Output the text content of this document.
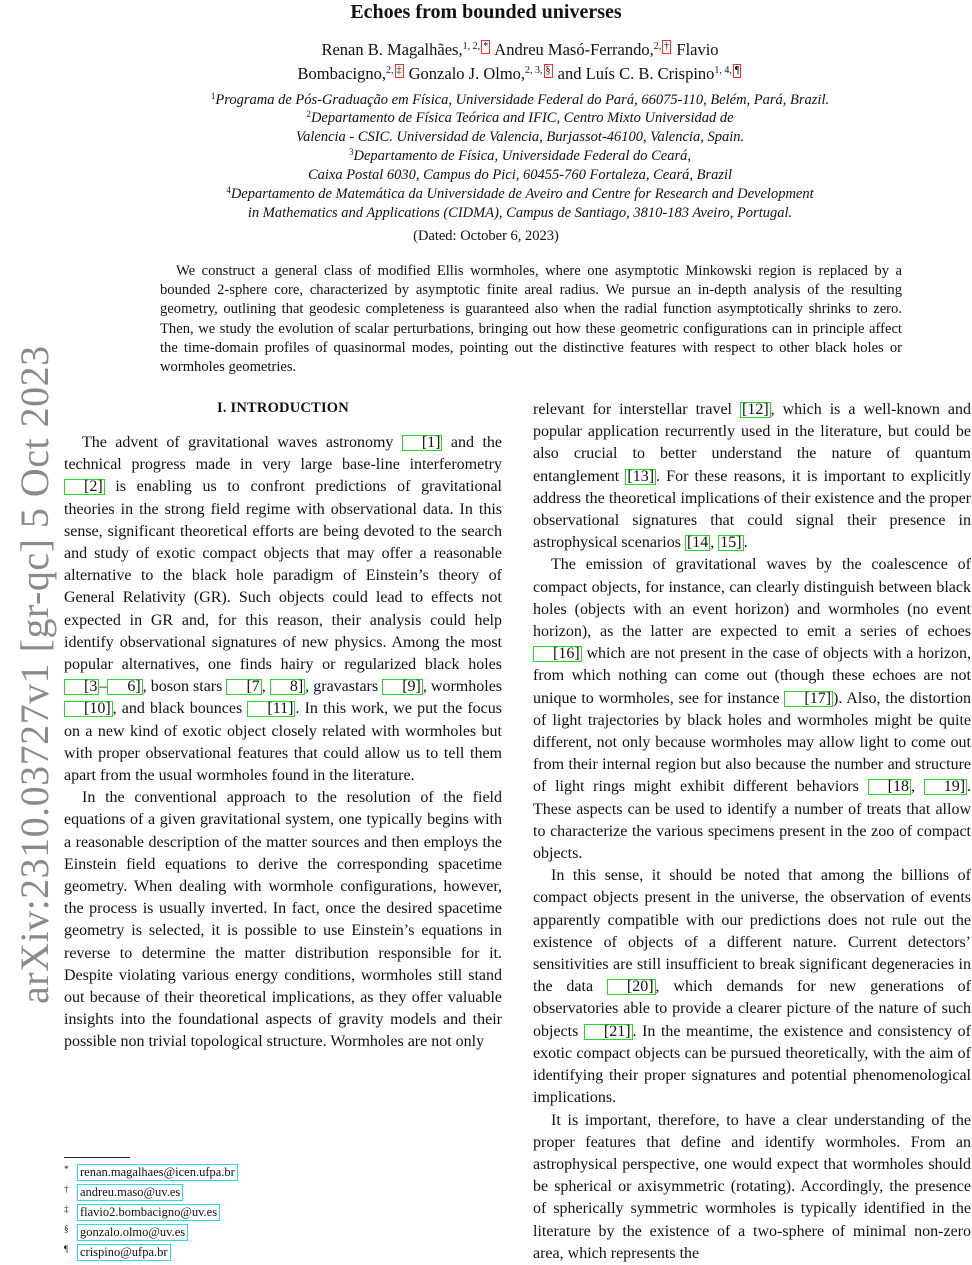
arXiv:2310.03727v1 [gr-qc] 5 Oct 2023
Echoes from bounded universes
Renan B. Magalhães,$^{1, 2,}$ * Andreu Masó-Ferrando,$^{2,}$ † Flavio
Bombacigno,$^{2,}$ ‡ Gonzalo J. Olmo,$^{2, 3,}$ § and Luís C. B. Crispino$^{1, 4,}$ ¶
$^1$Programa de Pós-Graduação em Física, Universidade Federal do Pará, 66075-110, Belém, Pará, Brazil.
$^2$Departamento de Física Teórica and IFIC, Centro Mixto Universidad de
Valencia - CSIC. Universidad de Valencia, Burjassot-46100, Valencia, Spain.
$^3$Departamento de Física, Universidade Federal do Ceará,
Caixa Postal 6030, Campus do Pici, 60455-760 Fortaleza, Ceará, Brazil
$^4$Departamento de Matemática da Universidade de Aveiro and Centre for Research and Development
in Mathematics and Applications (CIDMA), Campus de Santiago, 3810-183 Aveiro, Portugal.
(Dated: October 6, 2023)
We construct a general class of modified Ellis wormholes, where one asymptotic Minkowski region is replaced by a bounded 2-sphere core, characterized by asymptotic finite areal radius. We pursue an in-depth analysis of the resulting geometry, outlining that geodesic completeness is guaranteed also when the radial function asymptotically shrinks to zero. Then, we study the evolution of scalar perturbations, bringing out how these geometric configurations can in principle affect the time-domain profiles of quasinormal modes, pointing out the distinctive features with respect to other black holes or wormholes geometries.
I. INTRODUCTION

The advent of gravitational waves astronomy [1] and the technical progress made in very large base-line interferometry [2] is enabling us to confront predictions of gravitational theories in the strong field regime with observational data. In this sense, significant theoretical efforts are being devoted to the search and study of exotic compact objects that may offer a reasonable alternative to the black hole paradigm of Einstein’s theory of General Relativity (GR). Such objects could lead to effects not expected in GR and, for this reason, their analysis could help identify observational signatures of new physics. Among the most popular alternatives, one finds hairy or regularized black holes [3 – 6] , boson stars [7 , 8] , gravastars [9] , wormholes [10] , and black bounces [11] . In this work, we put the focus on a new kind of exotic object closely related with wormholes but with proper observational features that could allow us to tell them apart from the usual wormholes found in the literature.

In the conventional approach to the resolution of the field equations of a given gravitational system, one typically begins with a reasonable description of the matter sources and then employs the Einstein field equations to derive the corresponding spacetime geometry. When dealing with wormhole configurations, however, the process is usually inverted. In fact, once the desired spacetime geometry is selected, it is possible to use Einstein’s equations in reverse to determine the matter distribution responsible for it. Despite violating various energy conditions, wormholes still stand out because of their theoretical implications, as they offer valuable insights into the foundational aspects of gravity models and their possible non trivial topological structure. Wormholes are not only

relevant for interstellar travel [12] , which is a well-known and popular application recurrently used in the literature, but could be also crucial to better understand the nature of quantum entanglement [13] . For these reasons, it is important to explicitly address the theoretical implications of their existence and the proper observational signatures that could signal their presence in astrophysical scenarios [14 , 15] .

The emission of gravitational waves by the coalescence of compact objects, for instance, can clearly distinguish between black holes (objects with an event horizon) and wormholes (no event horizon), as the latter are expected to emit a series of echoes [16] which are not present in the case of objects with a horizon, from which nothing can come out (though these echoes are not unique to wormholes, see for instance [17] ). Also, the distortion of light trajectories by black holes and wormholes might be quite different, not only because wormholes may allow light to come out from their internal region but also because the number and structure of light rings might exhibit different behaviors [18 , 19] . These aspects can be used to identify a number of treats that allow to characterize the various specimens present in the zoo of compact objects.

In this sense, it should be noted that among the billions of compact objects present in the universe, the observation of events apparently compatible with our predictions does not rule out the existence of objects of a different nature. Current detectors’ sensitivities are still insufficient to break significant degeneracies in the data [20] , which demands for new generations of observatories able to provide a clearer picture of the nature of such objects [21] . In the meantime, the existence and consistency of exotic compact objects can be pursued theoretically, with the aim of identifying their proper signatures and potential phenomenological implications.

It is important, therefore, to have a clear understanding of the proper features that define and identify wormholes. From an astrophysical perspective, one would expect that wormholes should be spherical or axisymmetric (rotating). Accordingly, the presence of spherically symmetric wormholes is typically identified in the literature by the existence of a two-sphere of minimal non-zero area, which represents the

* renan.magalhaes@icen.ufpa.br
† andreu.maso@uv.es
‡ flavio2.bombacigno@uv.es
§ gonzalo.olmo@uv.es
¶ crispino@ufpa.br
